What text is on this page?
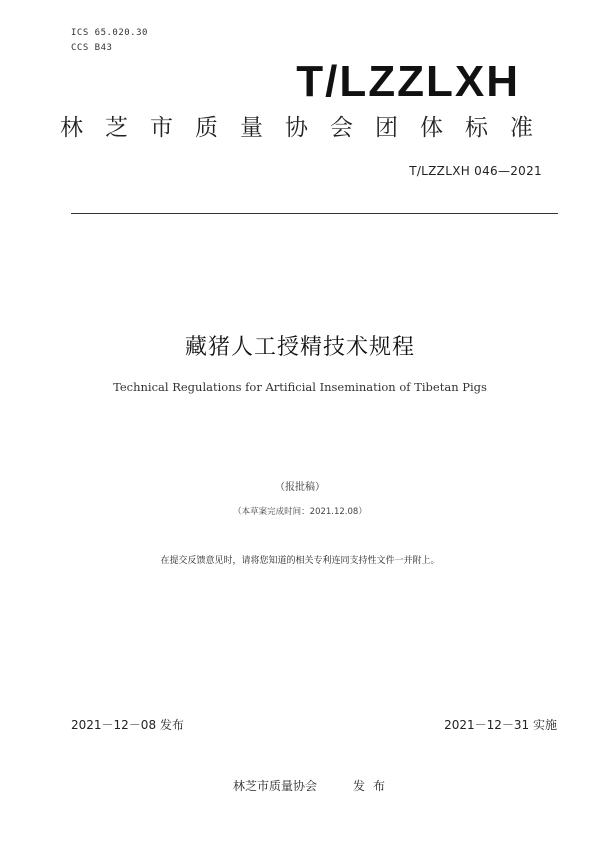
ICS 65.020.30
CCS B43
T/LZZLXH
林芝市质量协会团体标准
T/LZZLXH 046—2021
藏猪人工授精技术规程
Technical Regulations for Artificial Insemination of Tibetan Pigs
（报批稿）
（本草案完成时间：2021.12.08）
在提交反馈意见时，请将您知道的相关专利连同支持性文件一并附上。
2021－12－08 发布	2021－12－31 实施
林芝市质量协会	发布
